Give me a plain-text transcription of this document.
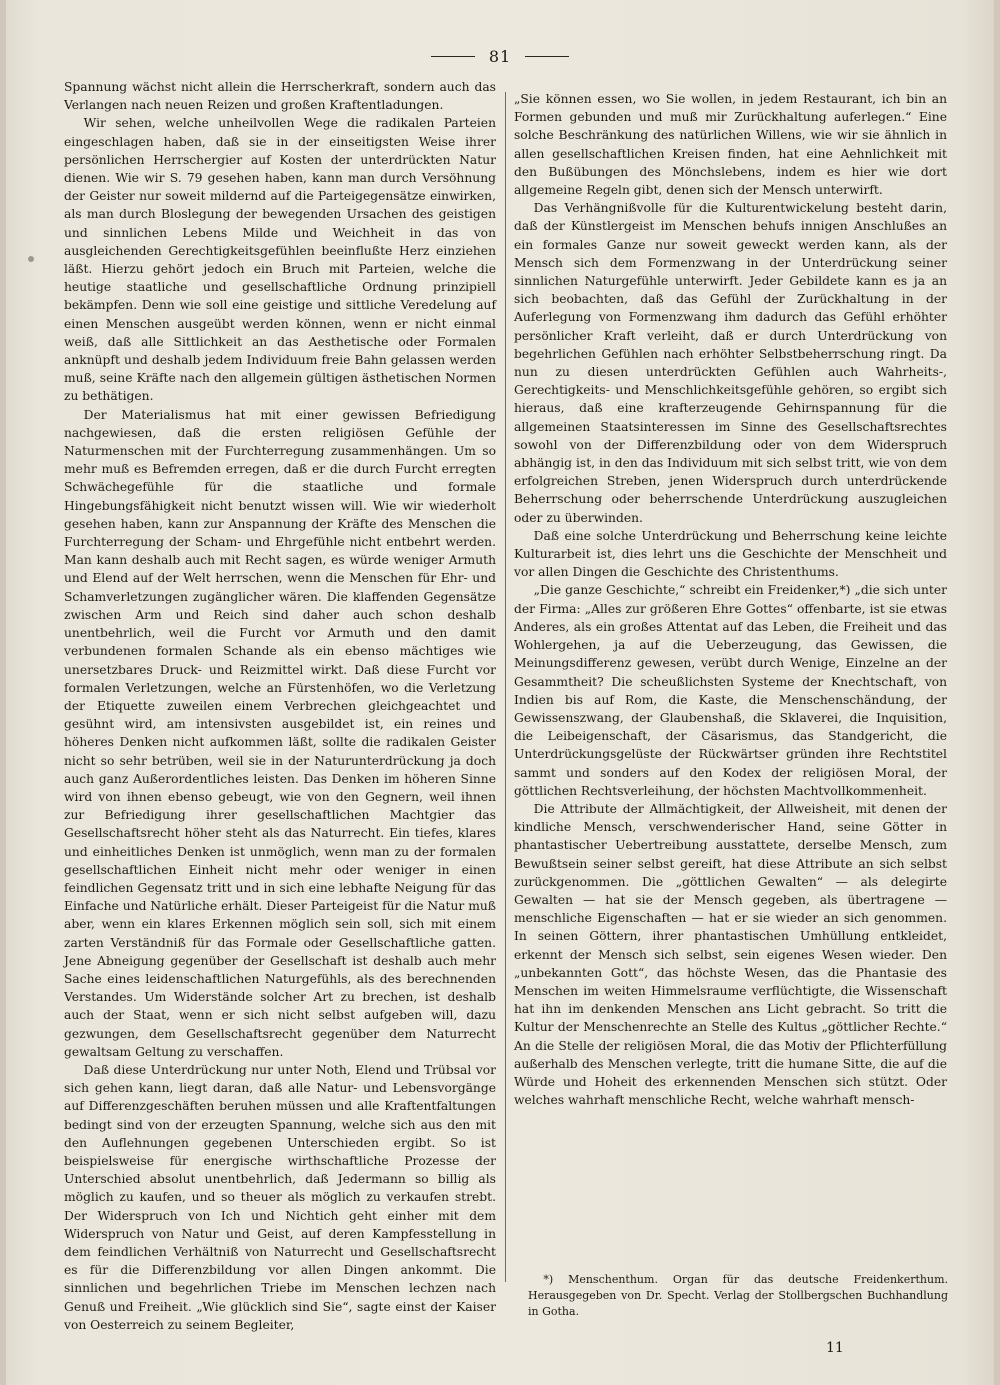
81

Spannung wächst nicht allein die Herrscherkraft, sondern auch das Verlangen nach neuen Reizen und großen Kraftentladungen.

Wir sehen, welche unheilvollen Wege die radikalen Parteien eingeschlagen haben, daß sie in der einseitigsten Weise ihrer persönlichen Herrschergier auf Kosten der unterdrückten Natur dienen. Wie wir S. 79 gesehen haben, kann man durch Versöhnung der Geister nur soweit mildernd auf die Parteigegensätze einwirken, als man durch Bloslegung der bewegenden Ursachen des geistigen und sinnlichen Lebens Milde und Weichheit in das von ausgleichenden Gerechtigkeitsgefühlen beeinflußte Herz einziehen läßt. Hierzu gehört jedoch ein Bruch mit Parteien, welche die heutige staatliche und gesellschaftliche Ordnung prinzipiell bekämpfen. Denn wie soll eine geistige und sittliche Veredelung auf einen Menschen ausgeübt werden können, wenn er nicht einmal weiß, daß alle Sittlichkeit an das Aesthetische oder Formalen anknüpft und deshalb jedem Individuum freie Bahn gelassen werden muß, seine Kräfte nach den allgemein gültigen ästhetischen Normen zu bethätigen.

Der Materialismus hat mit einer gewissen Befriedigung nachgewiesen, daß die ersten religiösen Gefühle der Naturmenschen mit der Furchterregung zusammenhängen. Um so mehr muß es Befremden erregen, daß er die durch Furcht erregten Schwächegefühle für die staatliche und formale Hingebungsfähigkeit nicht benutzt wissen will. Wie wir wiederholt gesehen haben, kann zur Anspannung der Kräfte des Menschen die Furchterregung der Scham- und Ehrgefühle nicht entbehrt werden. Man kann deshalb auch mit Recht sagen, es würde weniger Armuth und Elend auf der Welt herrschen, wenn die Menschen für Ehr- und Schamverletzungen zugänglicher wären. Die klaffenden Gegensätze zwischen Arm und Reich sind daher auch schon deshalb unentbehrlich, weil die Furcht vor Armuth und den damit verbundenen formalen Schande als ein ebenso mächtiges wie unersetzbares Druck- und Reizmittel wirkt. Daß diese Furcht vor formalen Verletzungen, welche an Fürstenhöfen, wo die Verletzung der Etiquette zuweilen einem Verbrechen gleichgeachtet und gesühnt wird, am intensivsten ausgebildet ist, ein reines und höheres Denken nicht aufkommen läßt, sollte die radikalen Geister nicht so sehr betrüben, weil sie in der Naturunterdrückung ja doch auch ganz Außerordentliches leisten. Das Denken im höheren Sinne wird von ihnen ebenso gebeugt, wie von den Gegnern, weil ihnen zur Befriedigung ihrer gesellschaftlichen Machtgier das Gesellschaftsrecht höher steht als das Naturrecht. Ein tiefes, klares und einheitliches Denken ist unmöglich, wenn man zu der formalen gesellschaftlichen Einheit nicht mehr oder weniger in einen feindlichen Gegensatz tritt und in sich eine lebhafte Neigung für das Einfache und Natürliche erhält. Dieser Parteigeist für die Natur muß aber, wenn ein klares Erkennen möglich sein soll, sich mit einem zarten Verständniß für das Formale oder Gesellschaftliche gatten. Jene Abneigung gegenüber der Gesellschaft ist deshalb auch mehr Sache eines leidenschaftlichen Naturgefühls, als des berechnenden Verstandes. Um Widerstände solcher Art zu brechen, ist deshalb auch der Staat, wenn er sich nicht selbst aufgeben will, dazu gezwungen, dem Gesellschaftsrecht gegenüber dem Naturrecht gewaltsam Geltung zu verschaffen.

Daß diese Unterdrückung nur unter Noth, Elend und Trübsal vor sich gehen kann, liegt daran, daß alle Natur- und Lebensvorgänge auf Differenzgeschäften beruhen müssen und alle Kraftentfaltungen bedingt sind von der erzeugten Spannung, welche sich aus den mit den Auflehnungen gegebenen Unterschieden ergibt. So ist beispielsweise für energische wirthschaftliche Prozesse der Unterschied absolut unentbehrlich, daß Jedermann so billig als möglich zu kaufen, und so theuer als möglich zu verkaufen strebt. Der Widerspruch von Ich und Nichtich geht einher mit dem Widerspruch von Natur und Geist, auf deren Kampfesstellung in dem feindlichen Verhältniß von Naturrecht und Gesellschaftsrecht es für die Differenzbildung vor allen Dingen ankommt. Die sinnlichen und begehrlichen Triebe im Menschen lechzen nach Genuß und Freiheit. „Wie glücklich sind Sie“, sagte einst der Kaiser von Oesterreich zu seinem Begleiter,

„Sie können essen, wo Sie wollen, in jedem Restaurant, ich bin an Formen gebunden und muß mir Zurückhaltung auferlegen.“ Eine solche Beschränkung des natürlichen Willens, wie wir sie ähnlich in allen gesellschaftlichen Kreisen finden, hat eine Aehnlichkeit mit den Bußübungen des Mönchslebens, indem es hier wie dort allgemeine Regeln gibt, denen sich der Mensch unterwirft.

Das Verhängnißvolle für die Kulturentwickelung besteht darin, daß der Künstlergeist im Menschen behufs innigen Anschlußes an ein formales Ganze nur soweit geweckt werden kann, als der Mensch sich dem Formenzwang in der Unterdrückung seiner sinnlichen Naturgefühle unterwirft. Jeder Gebildete kann es ja an sich beobachten, daß das Gefühl der Zurückhaltung in der Auferlegung von Formenzwang ihm dadurch das Gefühl erhöhter persönlicher Kraft verleiht, daß er durch Unterdrückung von begehrlichen Gefühlen nach erhöhter Selbstbeherrschung ringt. Da nun zu diesen unterdrückten Gefühlen auch Wahrheits-, Gerechtigkeits- und Menschlichkeitsgefühle gehören, so ergibt sich hieraus, daß eine krafterzeugende Gehirnspannung für die allgemeinen Staatsinteressen im Sinne des Gesellschaftsrechtes sowohl von der Differenzbildung oder von dem Widerspruch abhängig ist, in den das Individuum mit sich selbst tritt, wie von dem erfolgreichen Streben, jenen Widerspruch durch unterdrückende Beherrschung oder beherrschende Unterdrückung auszugleichen oder zu überwinden.

Daß eine solche Unterdrückung und Beherrschung keine leichte Kulturarbeit ist, dies lehrt uns die Geschichte der Menschheit und vor allen Dingen die Geschichte des Christenthums.

„Die ganze Geschichte,“ schreibt ein Freidenker,*) „die sich unter der Firma: „Alles zur größeren Ehre Gottes“ offenbarte, ist sie etwas Anderes, als ein großes Attentat auf das Leben, die Freiheit und das Wohlergehen, ja auf die Ueberzeugung, das Gewissen, die Meinungsdifferenz gewesen, verübt durch Wenige, Einzelne an der Gesammtheit? Die scheußlichsten Systeme der Knechtschaft, von Indien bis auf Rom, die Kaste, die Menschenschändung, der Gewissenszwang, der Glaubenshaß, die Sklaverei, die Inquisition, die Leibeigenschaft, der Cäsarismus, das Standgericht, die Unterdrückungsgelüste der Rückwärtser gründen ihre Rechtstitel sammt und sonders auf den Kodex der religiösen Moral, der göttlichen Rechtsverleihung, der höchsten Machtvollkommenheit.

Die Attribute der Allmächtigkeit, der Allweisheit, mit denen der kindliche Mensch, verschwenderischer Hand, seine Götter in phantastischer Uebertreibung ausstattete, derselbe Mensch, zum Bewußtsein seiner selbst gereift, hat diese Attribute an sich selbst zurückgenommen. Die „göttlichen Gewalten“ — als delegirte Gewalten — hat sie der Mensch gegeben, als übertragene — menschliche Eigenschaften — hat er sie wieder an sich genommen. In seinen Göttern, ihrer phantastischen Umhüllung entkleidet, erkennt der Mensch sich selbst, sein eigenes Wesen wieder. Den „unbekannten Gott“, das höchste Wesen, das die Phantasie des Menschen im weiten Himmelsraume verflüchtigte, die Wissenschaft hat ihn im denkenden Menschen ans Licht gebracht. So tritt die Kultur der Menschenrechte an Stelle des Kultus „göttlicher Rechte.“ An die Stelle der religiösen Moral, die das Motiv der Pflichterfüllung außerhalb des Menschen verlegte, tritt die humane Sitte, die auf die Würde und Hoheit des erkennenden Menschen sich stützt. Oder welches wahrhaft menschliche Recht, welche wahrhaft mensch-

*) Menschenthum. Organ für das deutsche Freidenkerthum. Herausgegeben von Dr. Specht. Verlag der Stollbergschen Buchhandlung in Gotha.

11
